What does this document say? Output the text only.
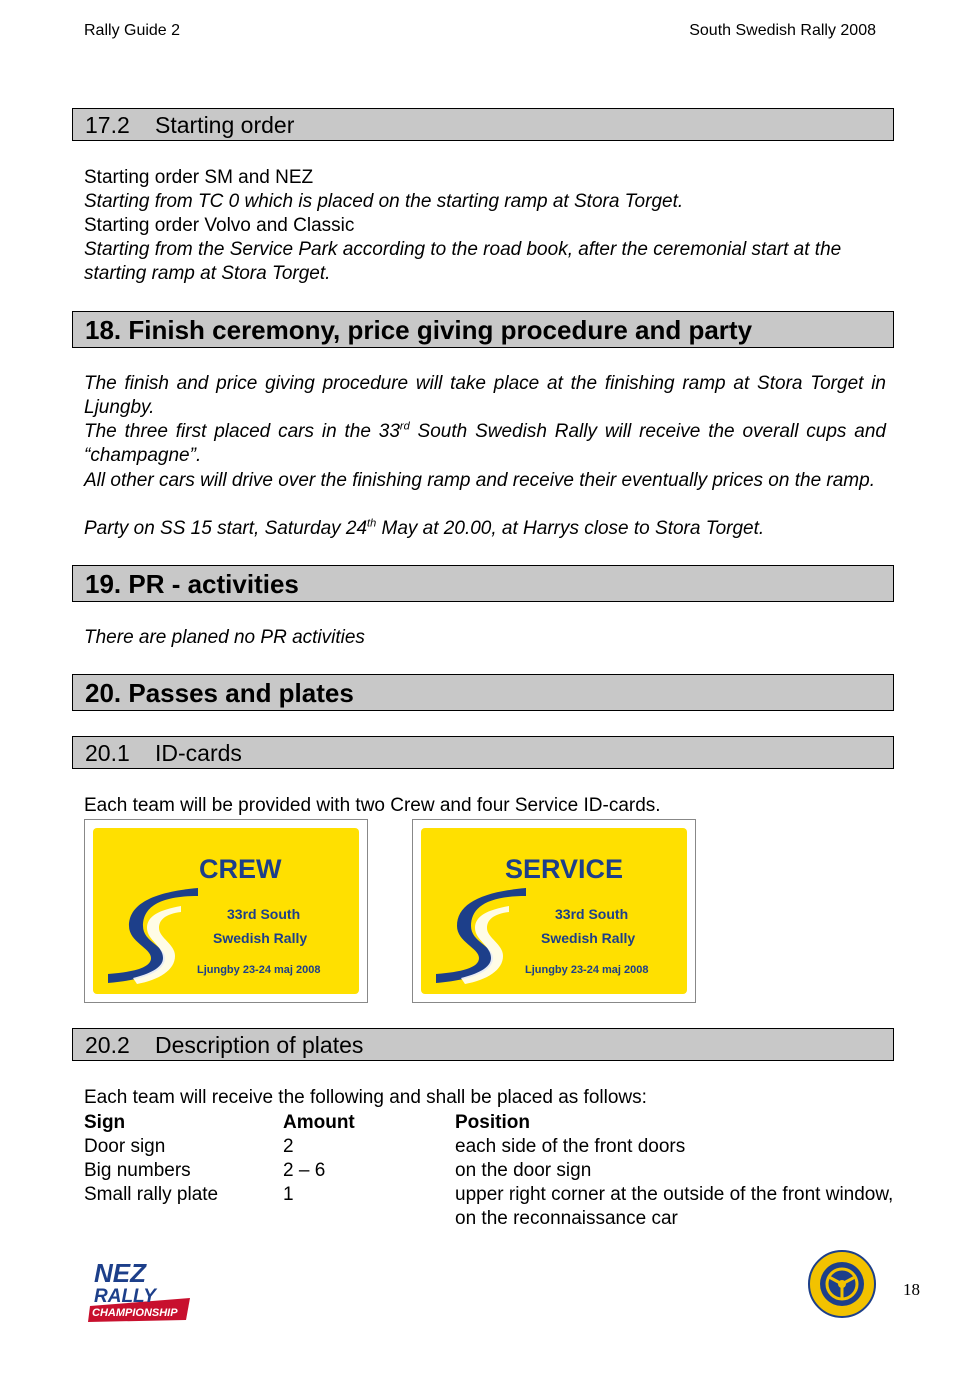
Rally Guide 2	South Swedish Rally 2008
17.2 Starting order
Starting order SM and NEZ
Starting from TC 0 which is placed on the starting ramp at Stora Torget.
Starting order Volvo and Classic
Starting from the Service Park according to the road book, after the ceremonial start at the starting ramp at Stora Torget.
18. Finish ceremony, price giving procedure and party
The finish and price giving procedure will take place at the finishing ramp at Stora Torget in Ljungby.
The three first placed cars in the 33rd South Swedish Rally will receive the overall cups and “champagne”.
All other cars will drive over the finishing ramp and receive their eventually prices on the ramp.
Party on SS 15 start, Saturday 24th May at 20.00, at Harrys close to Stora Torget.
19. PR - activities
There are planed no PR activities
20. Passes and plates
20.1 ID-cards
Each team will be provided with two Crew and four Service ID-cards.
CREW
33rd South
Swedish Rally
Ljungby 23-24 maj 2008
SERVICE
33rd South
Swedish Rally
Ljungby 23-24 maj 2008
20.2 Description of plates
Each team will receive the following and shall be placed as follows:
Sign	Amount	Position
Door sign	2	each side of the front doors
Big numbers	2 – 6	on the door sign
Small rally plate	1	upper right corner at the outside of the front window, on the reconnaissance car
NEZ
RALLY
CHAMPIONSHIP
18
